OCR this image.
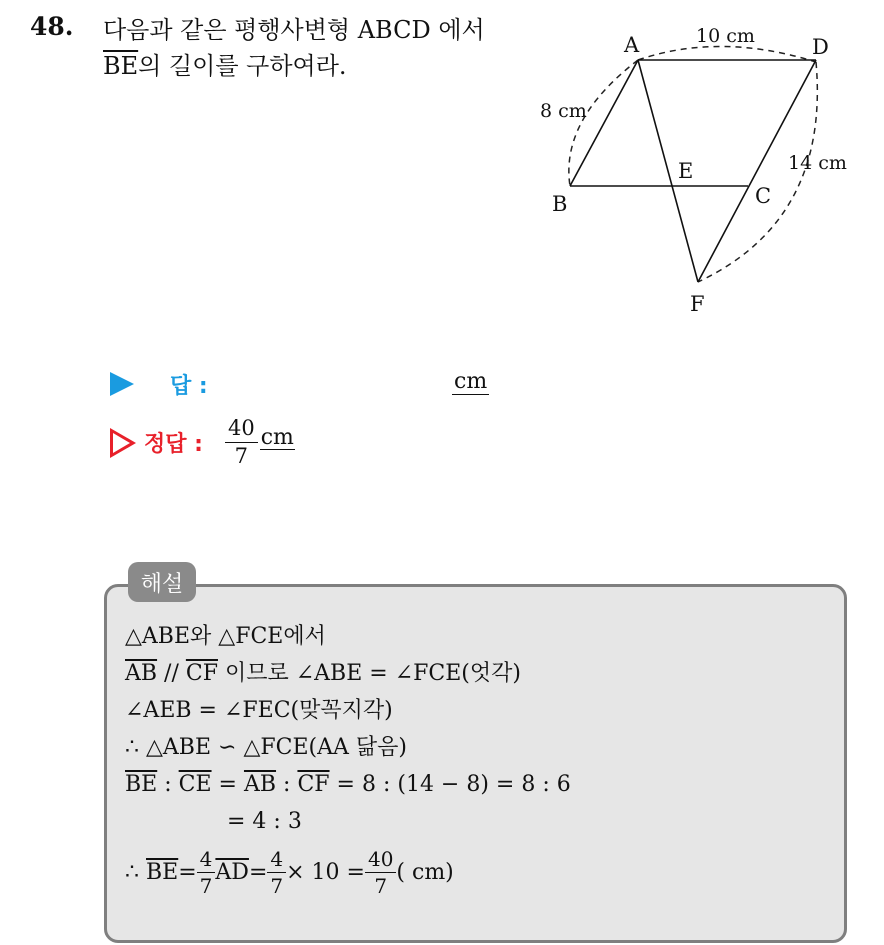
48. 다음과 같은 평행사변형 ABCD 에서
$\overline{BE}$의 길이를 구하여라.
A	D
B	C
E
F
10 cm
8 cm
14 cm
답 :	cm
정답 : $\frac{40}{7}$ cm
해설
△ABE와 △FCE에서
$\overline{AB} // \overline{CF}$ 이므로 ∠ABE = ∠FCE(엇각)
∠AEB = ∠FEC(맞꼭지각)
∴ △ABE ∽ △FCE(AA 닮음)
$\overline{BE}$ : $\overline{CE} = \overline{AB}$ : $\overline{CF} = 8$ : (14 − 8) = 8 : 6
= 4 : 3
∴
$\overline{BE} = \frac{4}{7} \overline{AD} = \frac{4}{7} \times 10 = \frac{40}{7}$ ( cm)
